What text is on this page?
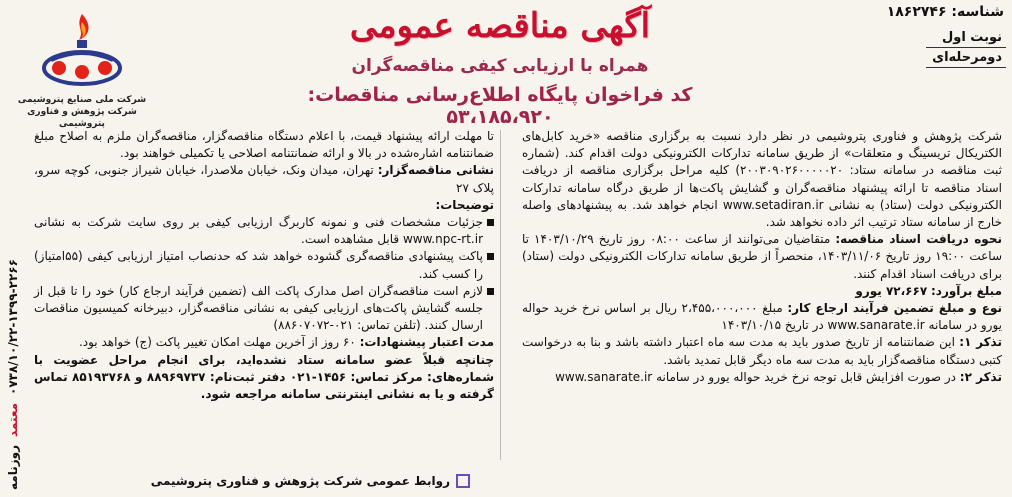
شناسه: ۱۸۶۲۷۴۶
نوبت اول
دومرحله‌ای
آگهی مناقصه عمومی
همراه با ارزیابی کیفی مناقصه‌گران
کد فراخوان پایگاه اطلاع‌رسانی مناقصات: ۵۳،۱۸۵،۹۲۰
شرکت ملی صنایع پتروشیمی
شرکت پژوهش و فناوری پتروشیمی

شرکت پژوهش و فناوری پتروشیمی در نظر دارد نسبت به برگزاری مناقصه «خرید کابل‌های الکتریکال تریسینگ و متعلقات» از طریق سامانه تدارکات الکترونیکی دولت اقدام کند. (شماره ثبت مناقصه در سامانه ستاد: ۲۰۰۳۰۹۰۲۶۰۰۰۰۰۲۰) کلیه مراحل برگزاری مناقصه از دریافت اسناد مناقصه تا ارائه پیشنهاد مناقصه‌گران و گشایش پاکت‌ها از طریق درگاه سامانه تدارکات الکترونیکی دولت (ستاد) به نشانی www.setadiran.ir انجام خواهد شد. به پیشنهادهای واصله خارج از سامانه ستاد ترتیب اثر داده نخواهد شد.

نحوه دریافت اسناد مناقصه: متقاضیان می‌توانند از ساعت ۰۸:۰۰ روز تاریخ ۱۴۰۳/۱۰/۲۹ تا ساعت ۱۹:۰۰ روز تاریخ ۱۴۰۳/۱۱/۰۶، منحصراً از طریق سامانه تدارکات الکترونیکی دولت (ستاد) برای دریافت اسناد اقدام کنند.

مبلغ برآورد: ۷۲،۶۶۷ یورو

نوع و مبلغ تضمین فرآیند ارجاع کار: مبلغ ۲،۴۵۵،۰۰۰،۰۰۰ ریال بر اساس نرخ خرید حواله یورو در سامانه www.sanarate.ir در تاریخ ۱۴۰۳/۱۰/۱۵

تذکر ۱: این ضمانتنامه از تاریخ صدور باید به مدت سه ماه اعتبار داشته باشد و بنا به درخواست کتبی دستگاه مناقصه‌گزار باید به مدت سه ماه دیگر قابل تمدید باشد.

تذکر ۲: در صورت افزایش قابل توجه نرخ خرید حواله یورو در سامانه www.sanarate.ir

تا مهلت ارائه پیشنهاد قیمت، با اعلام دستگاه مناقصه‌گزار، مناقصه‌گران ملزم به اصلاح مبلغ ضمانتنامه اشاره‌شده در بالا و ارائه ضمانتنامه اصلاحی یا تکمیلی خواهند بود.

نشانی مناقصه‌گزار: تهران، میدان ونک، خیابان ملاصدرا، خیابان شیراز جنوبی، کوچه سرو، پلاک ۲۷

توضیحات:

جزئیات مشخصات فنی و نمونه کاربرگ ارزیابی کیفی بر روی سایت شرکت به نشانی www.npc-rt.ir قابل مشاهده است.
پاکت پیشنهادی مناقصه‌گری گشوده خواهد شد که حدنصاب امتیاز ارزیابی کیفی (۵۵امتیاز) را کسب کند.
لازم است مناقصه‌گران اصل مدارک پاکت الف (تضمین فرآیند ارجاع کار) خود را تا قبل از جلسه گشایش پاکت‌های ارزیابی کیفی به نشانی مناقصه‌گزار، دبیرخانه کمیسیون مناقصات ارسال کنند. (تلفن تماس: ۰۲۱-۸۸۶۰۷۰۷۲)

مدت اعتبار پیشنهادات: ۶۰ روز از آخرین مهلت امکان تغییر پاکت (ج) خواهد بود.

چنانچه قبلاً عضو سامانه ستاد نشده‌اید، برای انجام مراحل عضویت با شماره‌های: مرکز تماس: ۱۴۵۶-۰۲۱ دفتر ثبت‌نام: ۸۸۹۶۹۷۳۷ و ۸۵۱۹۳۷۶۸ تماس گرفته و یا به نشانی اینترنتی سامانه مراجعه شود.

روزنامه
معتمد
۰۷۳۸/۱۰/۲۲-۱۳۹۹-۲۲۶۶
روابط عمومی شرکت پژوهش و فناوری پتروشیمی
